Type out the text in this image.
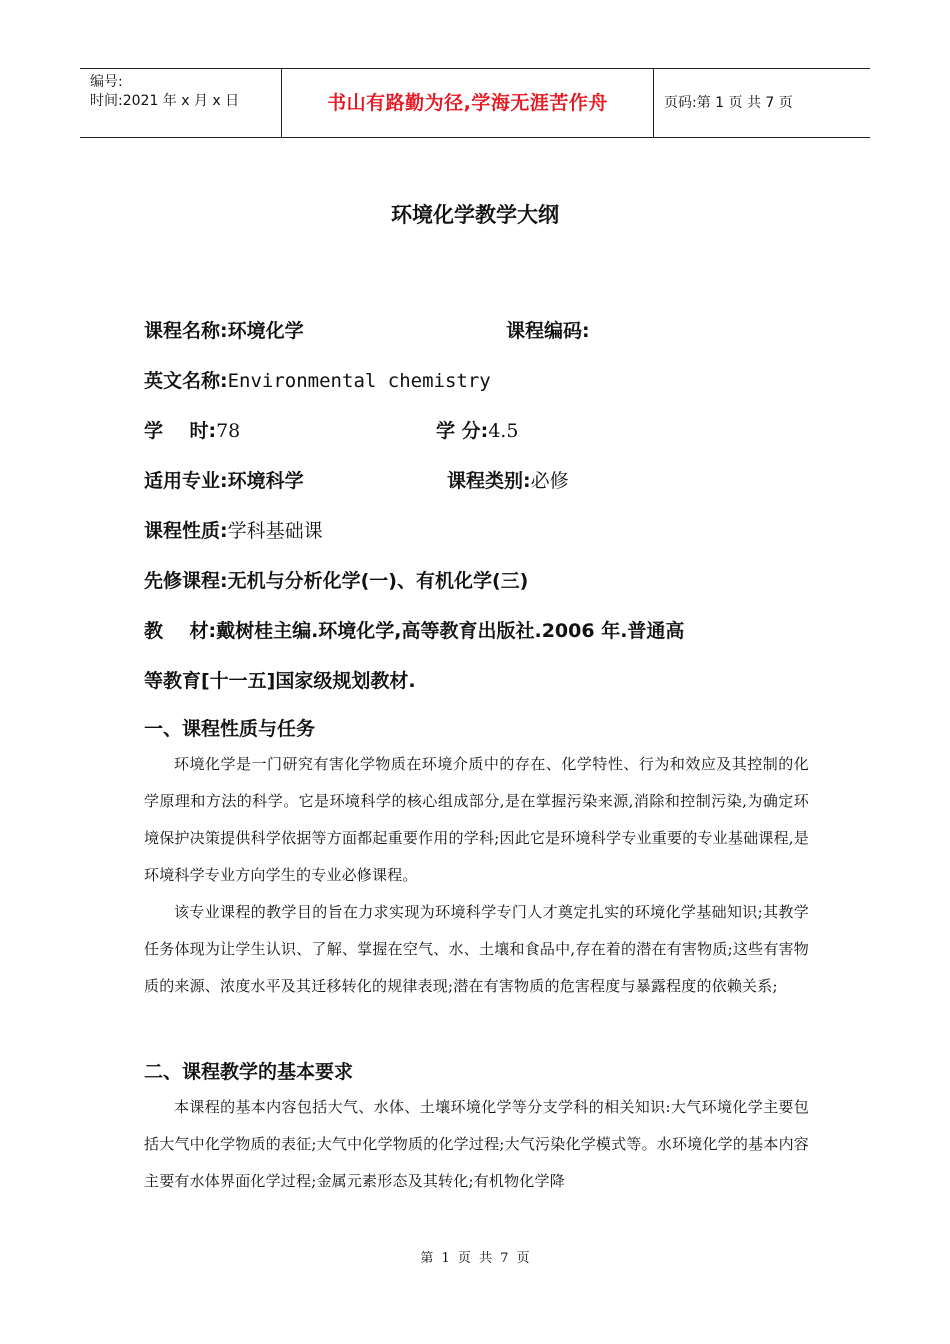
编号:
时间:2021 年 x 月 x 日	书山有路勤为径,学海无涯苦作舟	页码:第 1 页 共 7 页
环境化学教学大纲
课程名称:环境化学	课程编码:
英文名称:Environmental chemistry
学    时:78	学 分:4.5
适用专业:环境科学	课程类别:必修
课程性质:学科基础课
先修课程:无机与分析化学(一)、有机化学(三)
教    材:戴树桂主编.环境化学,高等教育出版社.2006 年.普通高
等教育[十一五]国家级规划教材.
一、课程性质与任务
环境化学是一门研究有害化学物质在环境介质中的存在、化学特性、行为和效应及其控制的化学原理和方法的科学。它是环境科学的核心组成部分,是在掌握污染来源,消除和控制污染,为确定环境保护决策提供科学依据等方面都起重要作用的学科;因此它是环境科学专业重要的专业基础课程,是环境科学专业方向学生的专业必修课程。
该专业课程的教学目的旨在力求实现为环境科学专门人才奠定扎实的环境化学基础知识;其教学任务体现为让学生认识、了解、掌握在空气、水、土壤和食品中,存在着的潜在有害物质;这些有害物质的来源、浓度水平及其迁移转化的规律表现;潜在有害物质的危害程度与暴露程度的依赖关系;
二、课程教学的基本要求
本课程的基本内容包括大气、水体、土壤环境化学等分支学科的相关知识:大气环境化学主要包括大气中化学物质的表征;大气中化学物质的化学过程;大气污染化学模式等。水环境化学的基本内容主要有水体界面化学过程;金属元素形态及其转化;有机物化学降
第 1 页 共 7 页
